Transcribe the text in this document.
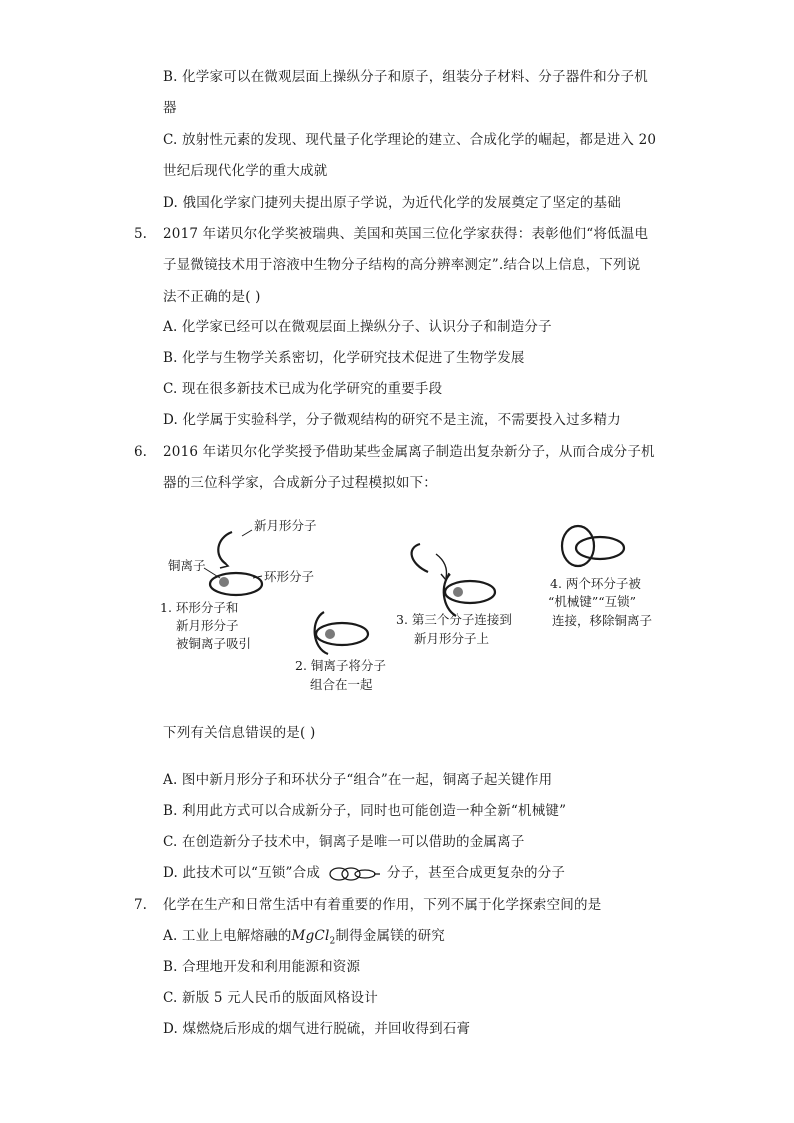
B. 化学家可以在微观层面上操纵分子和原子，组装分子材料、分子器件和分子机
器
C. 放射性元素的发现、现代量子化学理论的建立、合成化学的崛起，都是进入 20
世纪后现代化学的重大成就
D. 俄国化学家门捷列夫提出原子学说，为近代化学的发展奠定了坚定的基础
5. 2017 年诺贝尔化学奖被瑞典、美国和英国三位化学家获得：表彰他们“将低温电
子显微镜技术用于溶液中生物分子结构的高分辨率测定”.结合以上信息，下列说
法不正确的是( )
A. 化学家已经可以在微观层面上操纵分子、认识分子和制造分子
B. 化学与生物学关系密切，化学研究技术促进了生物学发展
C. 现在很多新技术已成为化学研究的重要手段
D. 化学属于实验科学，分子微观结构的研究不是主流，不需要投入过多精力
6. 2016 年诺贝尔化学奖授予借助某些金属离子制造出复杂新分子，从而合成分子机
器的三位科学家，合成新分子过程模拟如下：
新月形分子
铜离子
环形分子
1. 环形分子和
新月形分子
被铜离子吸引
2. 铜离子将分子
组合在一起
3. 第三个分子连接到
新月形分子上
4. 两个环分子被
“机械键”“互锁”
连接，移除铜离子
下列有关信息错误的是( )
A. 图中新月形分子和环状分子“组合”在一起，铜离子起关键作用
B. 利用此方式可以合成新分子，同时也可能创造一种全新“机械键”
C. 在创造新分子技术中，铜离子是唯一可以借助的金属离子
D. 此技术可以“互锁”合成	分子，甚至合成更复杂的分子
7. 化学在生产和日常生活中有着重要的作用，下列不属于化学探索空间的是
A. 工业上电解熔融的MgCl$_2$制得金属镁的研究
B. 合理地开发和利用能源和资源
C. 新版 5 元人民币的版面风格设计
D. 煤燃烧后形成的烟气进行脱硫，并回收得到石膏
